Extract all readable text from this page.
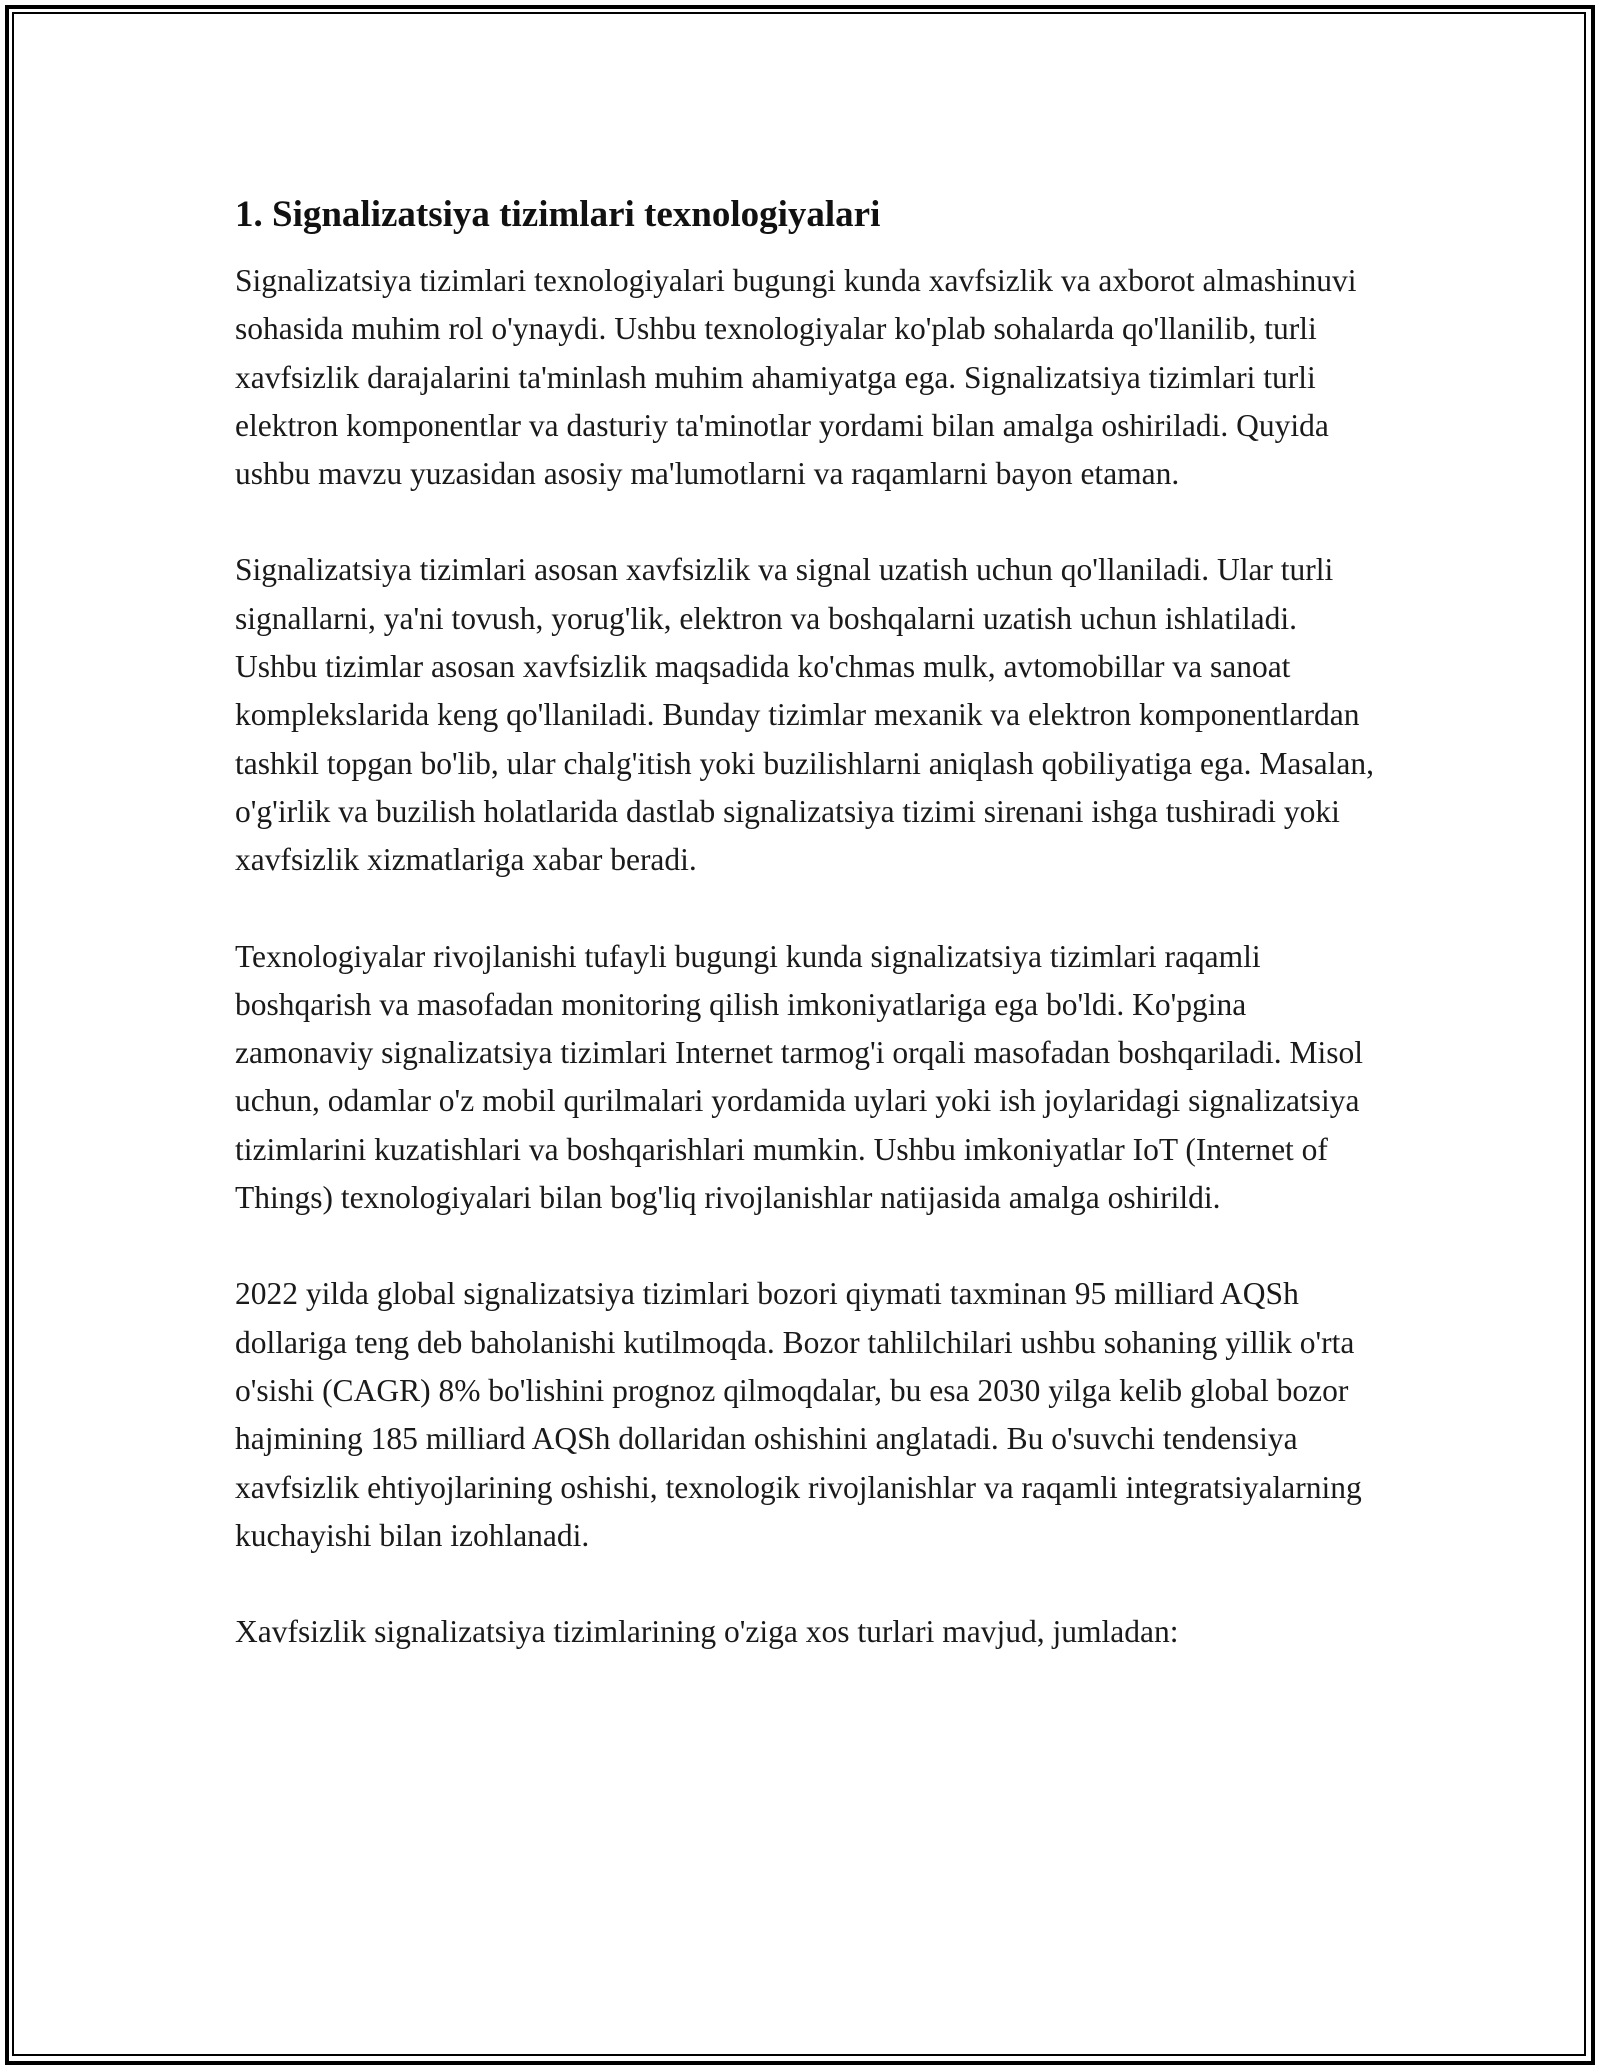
1. Signalizatsiya tizimlari texnologiyalari

Signalizatsiya tizimlari texnologiyalari bugungi kunda xavfsizlik va axborot almashinuvi sohasida muhim rol o'ynaydi. Ushbu texnologiyalar ko'plab sohalarda qo'llanilib, turli xavfsizlik darajalarini ta'minlash muhim ahamiyatga ega. Signalizatsiya tizimlari turli elektron komponentlar va dasturiy ta'minotlar yordami bilan amalga oshiriladi. Quyida ushbu mavzu yuzasidan asosiy ma'lumotlarni va raqamlarni bayon etaman.

Signalizatsiya tizimlari asosan xavfsizlik va signal uzatish uchun qo'llaniladi. Ular turli signallarni, ya'ni tovush, yorug'lik, elektron va boshqalarni uzatish uchun ishlatiladi. Ushbu tizimlar asosan xavfsizlik maqsadida ko'chmas mulk, avtomobillar va sanoat komplekslarida keng qo'llaniladi. Bunday tizimlar mexanik va elektron komponentlardan tashkil topgan bo'lib, ular chalg'itish yoki buzilishlarni aniqlash qobiliyatiga ega. Masalan, o'g'irlik va buzilish holatlarida dastlab signalizatsiya tizimi sirenani ishga tushiradi yoki xavfsizlik xizmatlariga xabar beradi.

Texnologiyalar rivojlanishi tufayli bugungi kunda signalizatsiya tizimlari raqamli boshqarish va masofadan monitoring qilish imkoniyatlariga ega bo'ldi. Ko'pgina zamonaviy signalizatsiya tizimlari Internet tarmog'i orqali masofadan boshqariladi. Misol uchun, odamlar o'z mobil qurilmalari yordamida uylari yoki ish joylaridagi signalizatsiya tizimlarini kuzatishlari va boshqarishlari mumkin. Ushbu imkoniyatlar IoT (Internet of Things) texnologiyalari bilan bog'liq rivojlanishlar natijasida amalga oshirildi.

2022 yilda global signalizatsiya tizimlari bozori qiymati taxminan 95 milliard AQSh dollariga teng deb baholanishi kutilmoqda. Bozor tahlilchilari ushbu sohaning yillik o'rta o'sishi (CAGR) 8% bo'lishini prognoz qilmoqdalar, bu esa 2030 yilga kelib global bozor hajmining 185 milliard AQSh dollaridan oshishini anglatadi. Bu o'suvchi tendensiya xavfsizlik ehtiyojlarining oshishi, texnologik rivojlanishlar va raqamli integratsiyalarning kuchayishi bilan izohlanadi.

Xavfsizlik signalizatsiya tizimlarining o'ziga xos turlari mavjud, jumladan:
